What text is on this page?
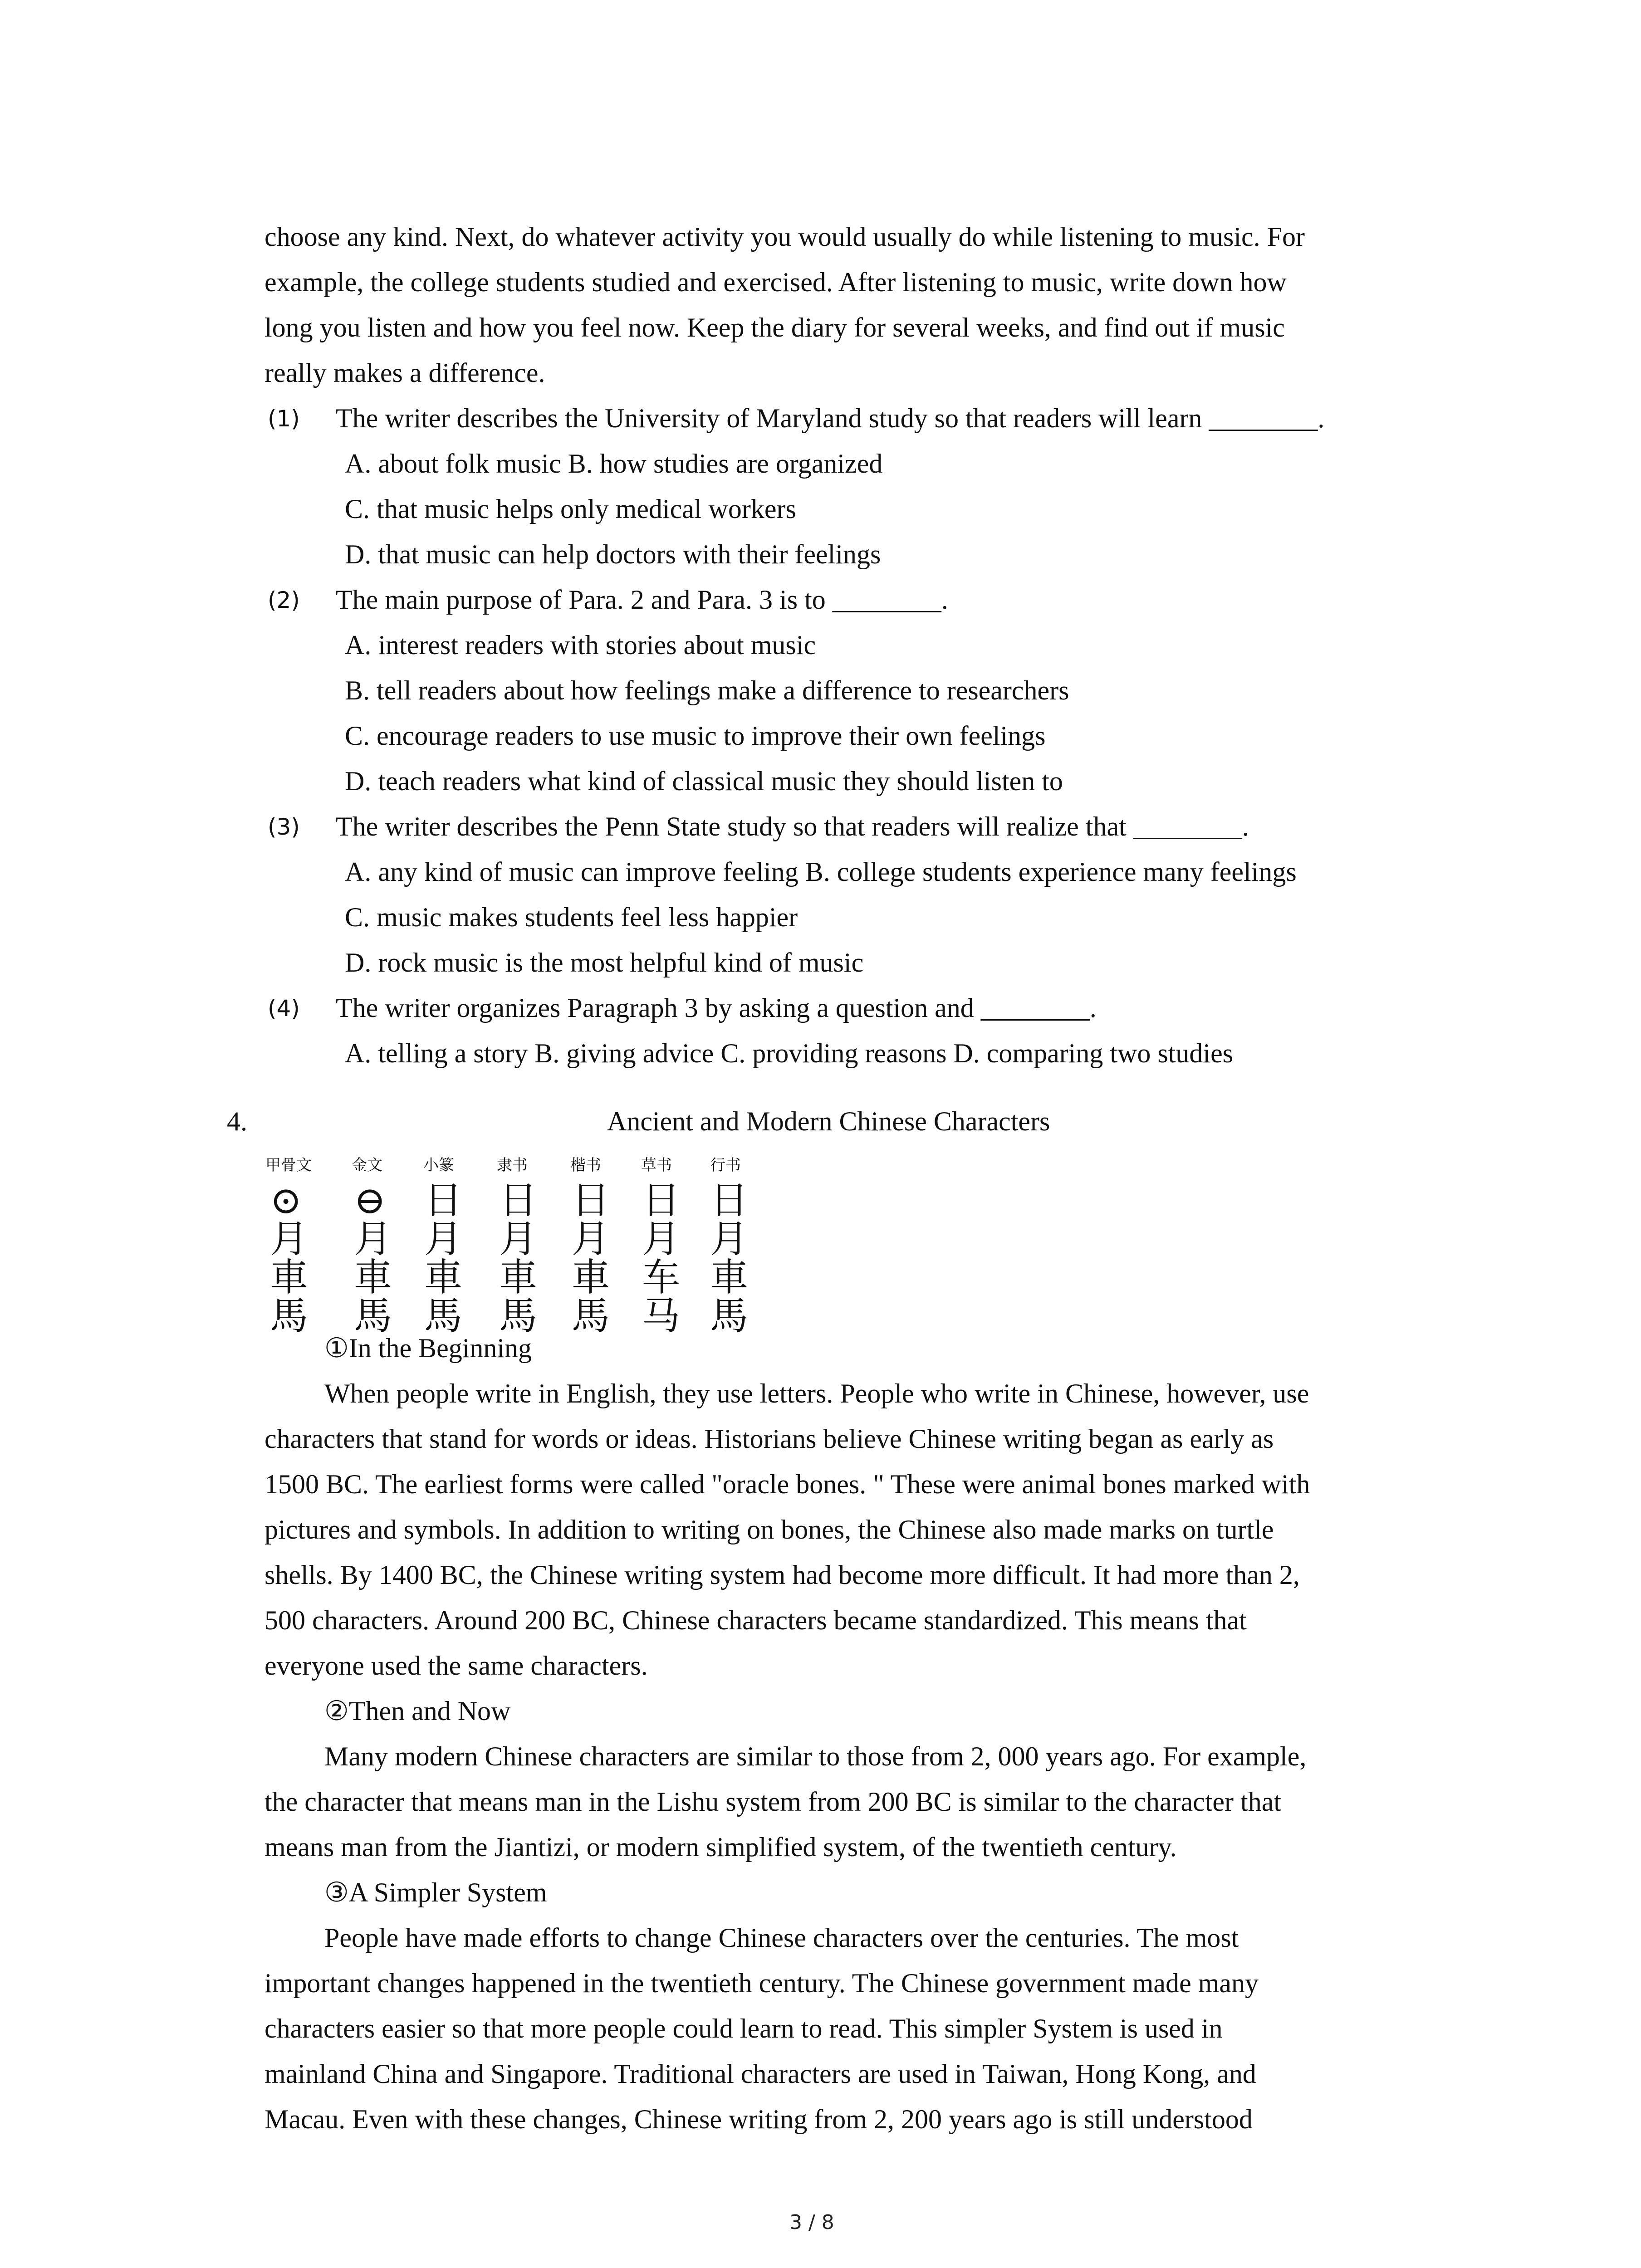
choose any kind. Next, do whatever activity you would usually do while listening to music. For
example, the college students studied and exercised. After listening to music, write down how
long you listen and how you feel now. Keep the diary for several weeks, and find out if music
really makes a difference.
(1) The writer describes the University of Maryland study so that readers will learn ________.
A. about folk music B. how studies are organized
C. that music helps only medical workers
D. that music can help doctors with their feelings
(2) The main purpose of Para. 2 and Para. 3 is to ________.
A. interest readers with stories about music
B. tell readers about how feelings make a difference to researchers
C. encourage readers to use music to improve their own feelings
D. teach readers what kind of classical music they should listen to
(3) The writer describes the Penn State study so that readers will realize that ________.
A. any kind of music can improve feeling B. college students experience many feelings
C. music makes students feel less happier
D. rock music is the most helpful kind of music
(4) The writer organizes Paragraph 3 by asking a question and ________.
A. telling a story B. giving advice C. providing reasons D. comparing two studies
4.	Ancient and Modern Chinese Characters
甲骨文	金文	小篆	隶书	楷书	草书 行书
⊙ ⊖ 日 日 日 日 日
月 月 月 月 月 月 月
車 車 車 車 車 车 車
馬 馬 馬 馬 馬 马 馬
①In the Beginning
When people write in English, they use letters. People who write in Chinese, however, use
characters that stand for words or ideas. Historians believe Chinese writing began as early as
1500 BC. The earliest forms were called "oracle bones. " These were animal bones marked with
pictures and symbols. In addition to writing on bones, the Chinese also made marks on turtle
shells. By 1400 BC, the Chinese writing system had become more difficult. It had more than 2,
500 characters. Around 200 BC, Chinese characters became standardized. This means that
everyone used the same characters.
②Then and Now
Many modern Chinese characters are similar to those from 2, 000 years ago. For example,
the character that means man in the Lishu system from 200 BC is similar to the character that
means man from the Jiantizi, or modern simplified system, of the twentieth century.
③A Simpler System
People have made efforts to change Chinese characters over the centuries. The most
important changes happened in the twentieth century. The Chinese government made many
characters easier so that more people could learn to read. This simpler System is used in
mainland China and Singapore. Traditional characters are used in Taiwan, Hong Kong, and
Macau. Even with these changes, Chinese writing from 2, 200 years ago is still understood
3 / 8
